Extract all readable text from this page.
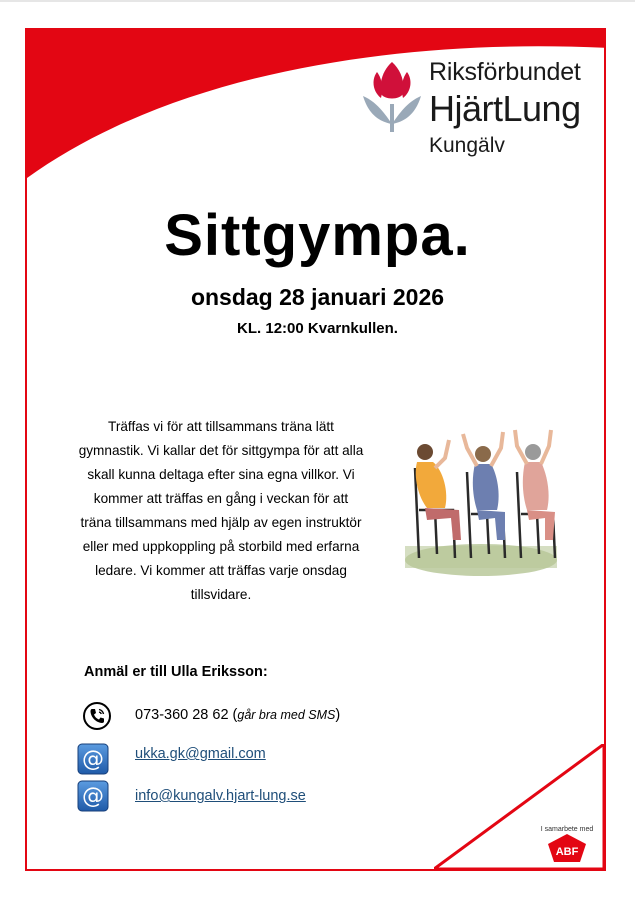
Riksförbundet
HjärtLung
Kungälv
Sittgympa.
onsdag 28 januari 2026
KL. 12:00 Kvarnkullen.
Träffas vi för att tillsammans träna lätt gymnastik. Vi kallar det för sittgympa för att alla skall kunna deltaga efter sina egna villkor. Vi kommer att träffas en gång i veckan för att träna tillsammans med hjälp av egen instruktör eller med uppkoppling på storbild med erfarna ledare. Vi kommer att träffas varje onsdag tillsvidare.
Anmäl er till Ulla Eriksson:
073-360 28 62 (går bra med SMS)
@ ukka.gk@gmail.com
@ info@kungalv.hjart-lung.se
I samarbete med
ABF
